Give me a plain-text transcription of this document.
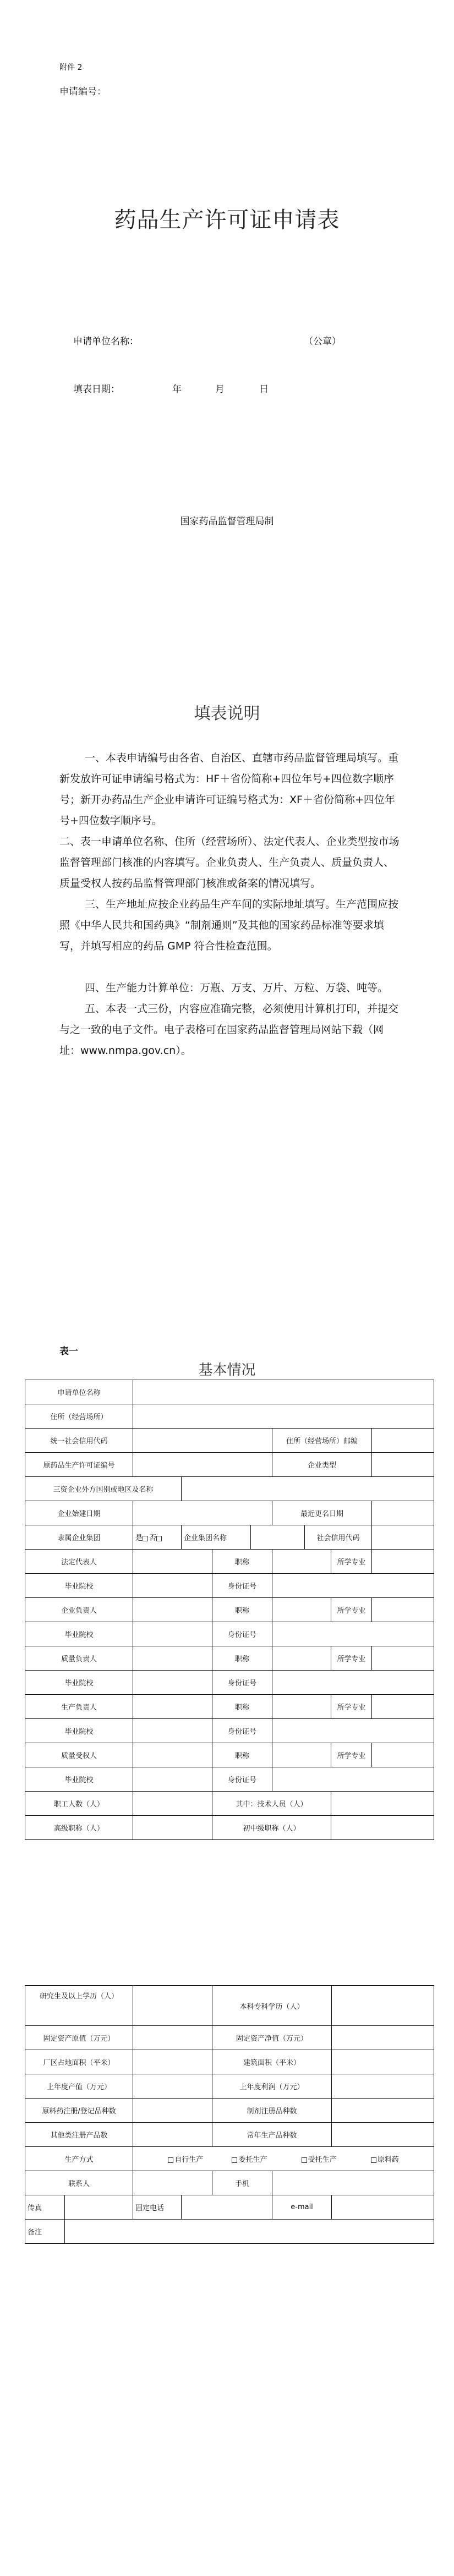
附件 2
申请编号：
药品生产许可证申请表
申请单位名称：	（公章）
填表日期：	年	月	日
国家药品监督管理局制
填表说明

一、本表申请编号由各省、自治区、直辖市药品监督管理局填写。重新发放许可证申请编号格式为：HF＋省份简称+四位年号+四位数字顺序号；新开办药品生产企业申请许可证编号格式为：XF＋省份简称+四位年号+四位数字顺序号。

二、表一申请单位名称、住所（经营场所）、法定代表人、企业类型按市场监督管理部门核准的内容填写。企业负责人、生产负责人、质量负责人、质量受权人按药品监督管理部门核准或备案的情况填写。

三、生产地址应按企业药品生产车间的实际地址填写。生产范围应按照《中华人民共和国药典》“制剂通则”及其他的国家药品标准等要求填写，并填写相应的药品 GMP 符合性检查范围。

四、生产能力计算单位：万瓶、万支、万片、万粒、万袋、吨等。

五、本表一式三份，内容应准确完整，必须使用计算机打印，并提交与之一致的电子文件。电子表格可在国家药品监督管理局网站下载（网址：www.nmpa.gov.cn）。

表一
基本情况
申请单位名称								
住所（经营场所）								
统一社会信用代码					住所（经营场所）邮编			
原药品生产许可证编号					企业类型			
三资企业外方国别或地区及名称								
企业始建日期					最近更名日期			
隶属企业集团	是 否	企业集团名称				社会信用代码		
法定代表人			职称				所学专业	
毕业院校			身份证号					
企业负责人			职称				所学专业	
毕业院校			身份证号					
质量负责人			职称				所学专业	
毕业院校			身份证号					
生产负责人			职称				所学专业	
毕业院校			身份证号					
质量受权人			职称				所学专业	
毕业院校			身份证号					
职工人数（人）			其中：技术人员（人）					
高级职称（人）			初中级职称（人）					
研究生及以上学历（人）				本科专科学历（人）		
固定资产原值（万元）				固定资产净值（万元）		
厂区占地面积（平米）				建筑面积（平米）		
上年度产值（万元）				上年度利润（万元）		
原料药注册/登记品种数				制剂注册品种数		
其他类注册产品数				常年生产品种数		
生产方式		自行生产 委托生产 受托生产 原料药				
联系人				手机		
传真		固定电话			e-mail	
备注						
